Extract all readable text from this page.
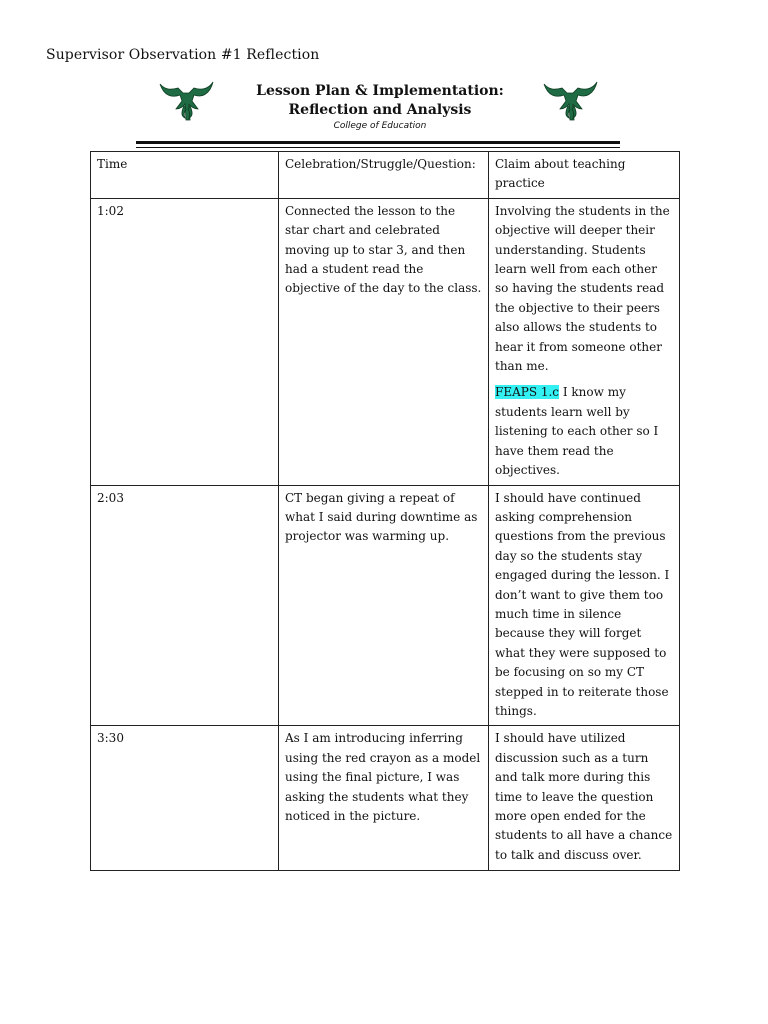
Supervisor Observation #1 Reflection
Lesson Plan & Implementation:
Reflection and Analysis
College of Education
Time	Celebration/Struggle/Question:	Claim about teaching practice
1:02	Connected the lesson to the star chart and celebrated moving up to star 3, and then had a student read the objective of the day to the class.	Involving the students in the objective will deeper their understanding. Students learn well from each other so having the students read the objective to their peers also allows the students to hear it from someone other than me.
FEAPS 1.c I know my students learn well by listening to each other so I have them read the objectives.

2:03	CT began giving a repeat of what I said during downtime as projector was warming up.	I should have continued asking comprehension questions from the previous day so the students stay engaged during the lesson. I don’t want to give them too much time in silence because they will forget what they were supposed to be focusing on so my CT stepped in to reiterate those things.
3:30	As I am introducing inferring using the red crayon as a model using the final picture, I was asking the students what they noticed in the picture.	I should have utilized discussion such as a turn and talk more during this time to leave the question more open ended for the students to all have a chance to talk and discuss over.
